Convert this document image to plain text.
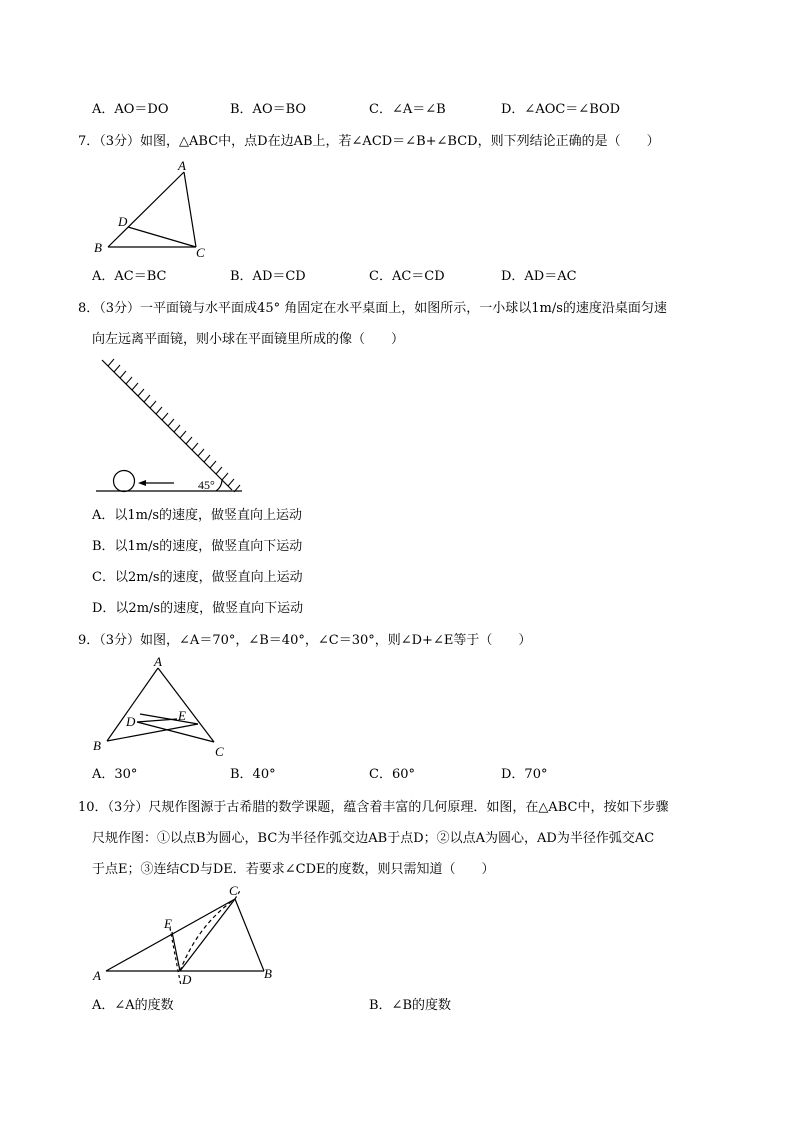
A．AO＝DO	B．AO＝BO	C．∠A＝∠B	D．∠AOC＝∠BOD
7．（3分）如图，△ABC中，点D在边AB上，若∠ACD＝∠B+∠BCD，则下列结论正确的是（　　）
A
B	C
D
A．AC＝BC	B．AD＝CD	C．AC＝CD	D．AD＝AC
8．（3分）一平面镜与水平面成45° 角固定在水平桌面上，如图所示，一小球以1m/s的速度沿桌面匀速
向左远离平面镜，则小球在平面镜里所成的像（　　）
45°
A．以1m/s的速度，做竖直向上运动
B．以1m/s的速度，做竖直向下运动
C．以2m/s的速度，做竖直向上运动
D．以2m/s的速度，做竖直向下运动
9．（3分）如图，∠A＝70°，∠B＝40°，∠C＝30°，则∠D+∠E等于（　　）
A
B	C
D	E
A．30°	B．40°	C．60°	D．70°
10．（3分）尺规作图源于古希腊的数学课题，蕴含着丰富的几何原理．如图，在△ABC中，按如下步骤
尺规作图：①以点B为圆心，BC为半径作弧交边AB于点D；②以点A为圆心，AD为半径作弧交AC
于点E；③连结CD与DE．若要求∠CDE的度数，则只需知道（　　）
A	B
C
D
E
A．∠A的度数	B．∠B的度数
